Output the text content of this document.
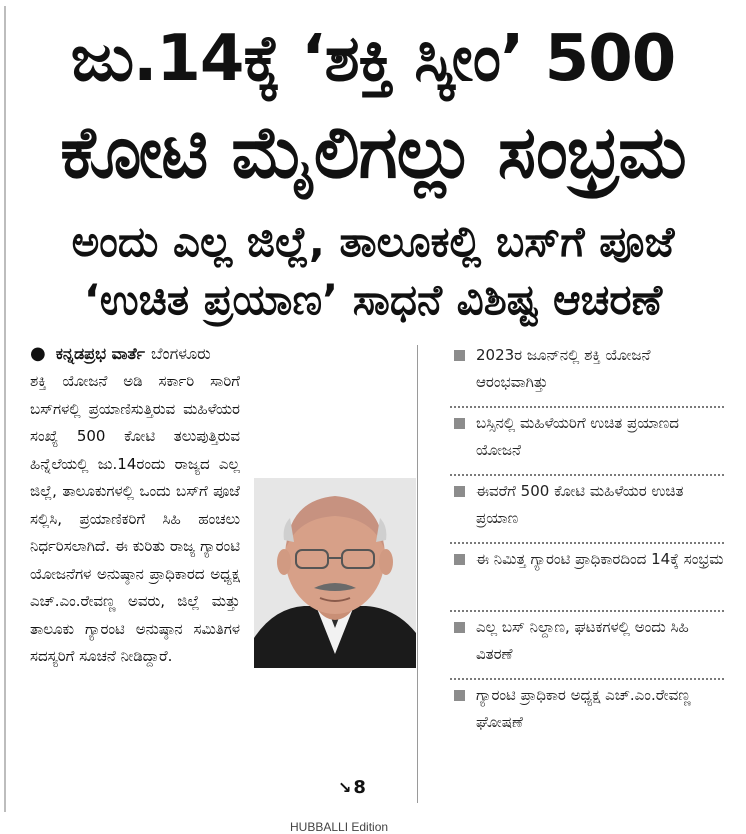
ಜು.14ಕ್ಕೆ ‘ಶಕ್ತಿ ಸ್ಕೀಂ’ 500
ಕೋಟಿ ಮೈಲಿಗಲ್ಲು ಸಂಭ್ರಮ
ಅಂದು ಎಲ್ಲ ಜಿಲ್ಲೆ, ತಾಲೂಕಲ್ಲಿ ಬಸ್‌ಗೆ ಪೂಜೆ
‘ಉಚಿತ ಪ್ರಯಾಣ’ ಸಾಧನೆ ವಿಶಿಷ್ಟ ಆಚರಣೆ
● ಕನ್ನಡಪ್ರಭ ವಾರ್ತೆ ಬೆಂಗಳೂರು

ಶಕ್ತಿ ಯೋಜನೆ ಅಡಿ ಸರ್ಕಾರಿ ಸಾರಿಗೆ ಬಸ್‌ಗಳಲ್ಲಿ ಪ್ರಯಾಣಿಸುತ್ತಿರುವ ಮಹಿಳೆಯರ ಸಂಖ್ಯೆ 500 ಕೋಟಿ ತಲುಪುತ್ತಿರುವ ಹಿನ್ನೆಲೆಯಲ್ಲಿ ಜು.14ರಂದು ರಾಜ್ಯದ ಎಲ್ಲ ಜಿಲ್ಲೆ, ತಾಲೂಕುಗಳಲ್ಲಿ ಒಂದು ಬಸ್‌ಗೆ ಪೂಜೆ ಸಲ್ಲಿಸಿ, ಪ್ರಯಾಣಿಕರಿಗೆ ಸಿಹಿ ಹಂಚಲು ನಿರ್ಧರಿಸಲಾಗಿದೆ. ಈ ಕುರಿತು ರಾಜ್ಯ ಗ್ಯಾರಂಟಿ ಯೋಜನೆಗಳ ಅನುಷ್ಠಾನ ಪ್ರಾಧಿಕಾರದ ಅಧ್ಯಕ್ಷ ಎಚ್.ಎಂ.ರೇವಣ್ಣ ಅವರು, ಜಿಲ್ಲೆ ಮತ್ತು ತಾಲೂಕು ಗ್ಯಾರಂಟಿ ಅನುಷ್ಠಾನ ಸಮಿತಿಗಳ ಸದಸ್ಯರಿಗೆ ಸೂಚನೆ ನೀಡಿದ್ದಾರೆ.

↘ 8
2023ರ ಜೂನ್‌ನಲ್ಲಿ ಶಕ್ತಿ ಯೋಜನೆ ಆರಂಭವಾಗಿತ್ತು
ಬಸ್ಸಿನಲ್ಲಿ ಮಹಿಳೆಯರಿಗೆ ಉಚಿತ ಪ್ರಯಾಣದ ಯೋಜನೆ
ಈವರೆಗೆ 500 ಕೋಟಿ ಮಹಿಳೆಯರ ಉಚಿತ ಪ್ರಯಾಣ
ಈ ನಿಮಿತ್ತ ಗ್ಯಾರಂಟಿ ಪ್ರಾಧಿಕಾರದಿಂದ 14ಕ್ಕೆ ಸಂಭ್ರಮ
ಎಲ್ಲ ಬಸ್ ನಿಲ್ದಾಣ, ಘಟಕಗಳಲ್ಲಿ ಅಂದು ಸಿಹಿ ವಿತರಣೆ
ಗ್ಯಾರಂಟಿ ಪ್ರಾಧಿಕಾರ ಅಧ್ಯಕ್ಷ ಎಚ್.ಎಂ.ರೇವಣ್ಣ ಘೋಷಣೆ
HUBBALLI Edition
